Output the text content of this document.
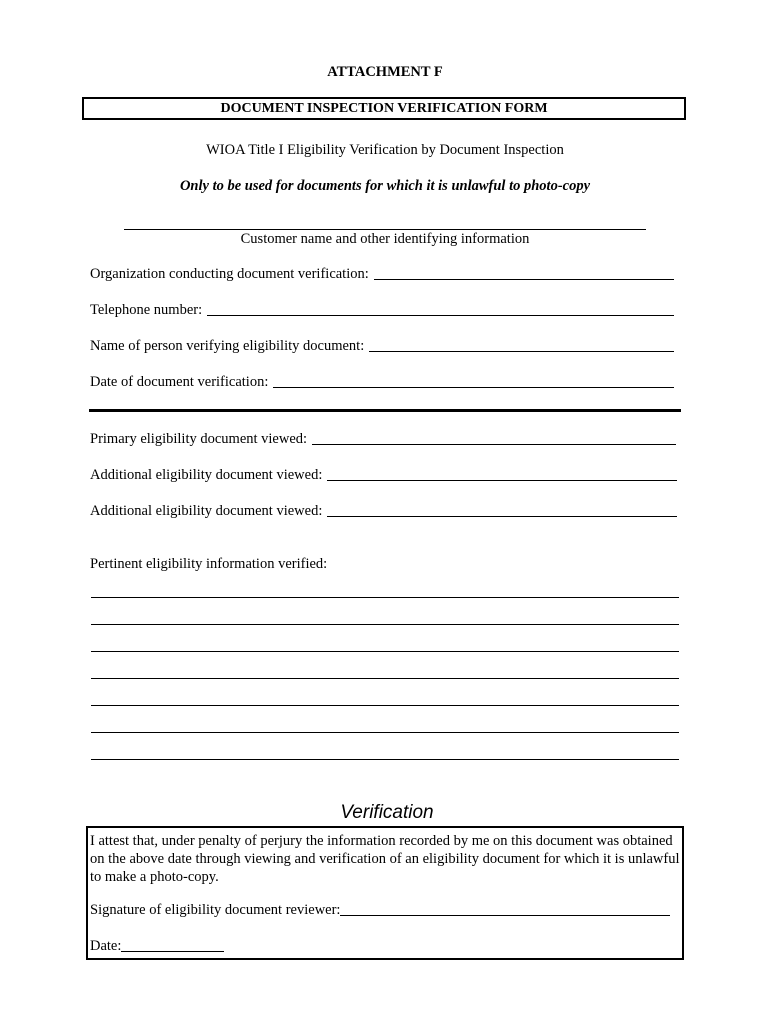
ATTACHMENT F
DOCUMENT INSPECTION VERIFICATION FORM
WIOA Title I Eligibility Verification by Document Inspection
Only to be used for documents for which it is unlawful to photo-copy
Customer name and other identifying information
Organization conducting document verification:
Telephone number:
Name of person verifying eligibility document:
Date of document verification:
Primary eligibility document viewed:
Additional eligibility document viewed:
Additional eligibility document viewed:
Pertinent eligibility information verified:
Verification
I attest that, under penalty of perjury the information recorded by me on this document was obtained on the above date through viewing and verification of an eligibility document for which it is unlawful to make a photo-copy.
Signature of eligibility document reviewer:
Date:
